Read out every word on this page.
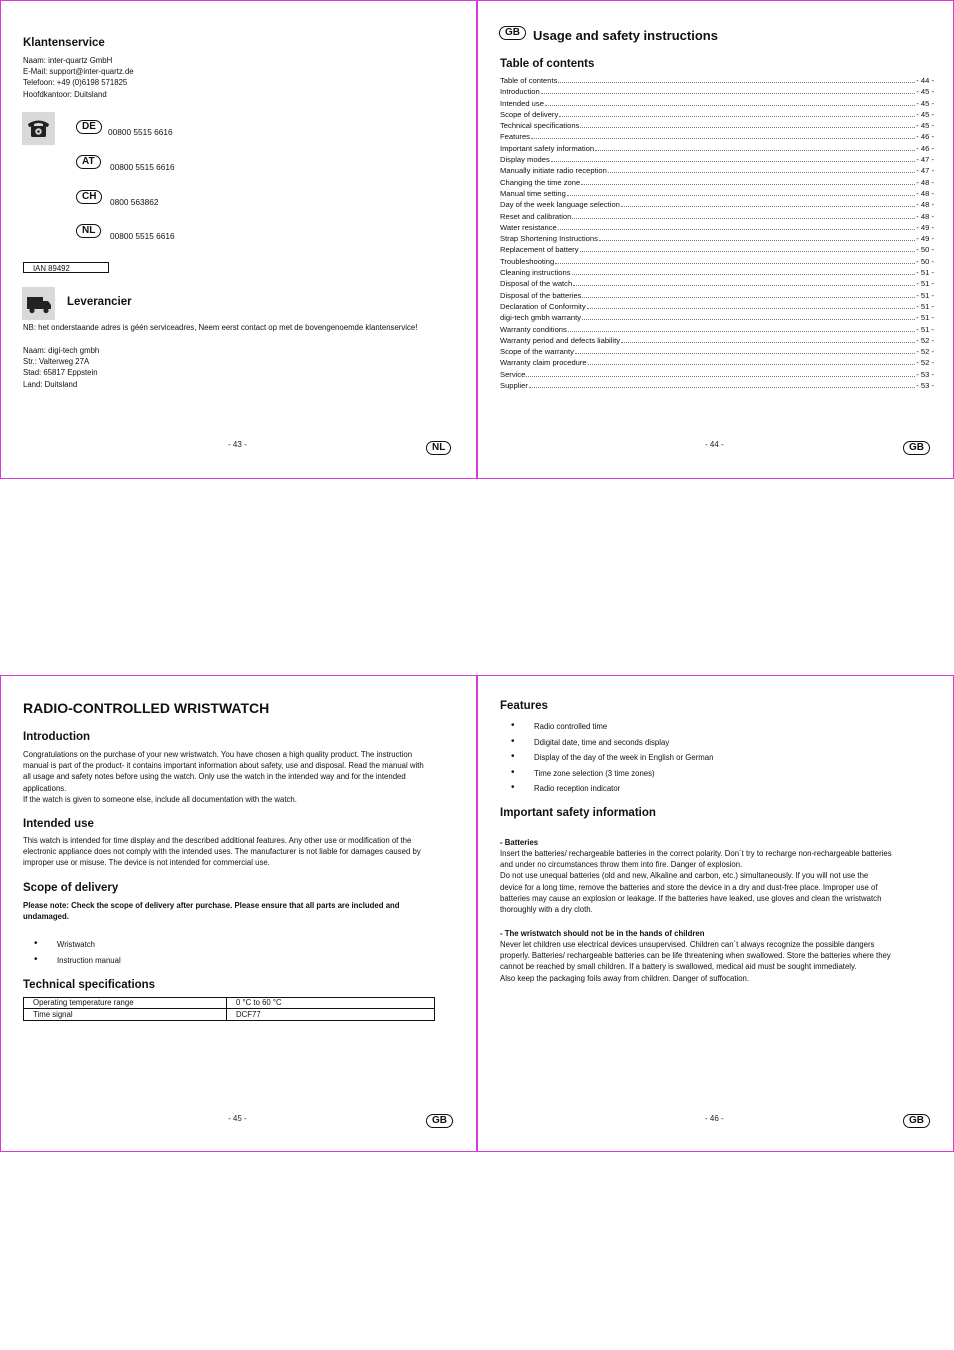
Klantenservice
Naam: inter-quartz GmbH
E-Mail: support@inter-quartz.de
Telefoon: +49 (0)6198 571825
Hoofdkantoor: Duitsland
DE	00800 5515 6616
AT	00800 5515 6616
CH	0800 563862
NL	00800 5515 6616
IAN 89492
Leverancier
NB: het onderstaande adres is géén serviceadres, Neem eerst contact op met de bovengenoemde klantenservice!
Naam: digi-tech gmbh
Str.: Valterweg 27A
Stad: 65817 Eppstein
Land: Duitsland
- 43 -	NL
GB	Usage and safety instructions
Table of contents
Table of contents	- 44 -
Introduction	- 45 -
Intended use	- 45 -
Scope of delivery	- 45 -
Technical specifications	- 45 -
Features	- 46 -
Important safety information	- 46 -
Display modes	- 47 -
Manually initiate radio reception	- 47 -
Changing the time zone	- 48 -
Manual time setting	- 48 -
Day of the week language selection	- 48 -
Reset and calibration	- 48 -
Water resistance	- 49 -
Strap Shortening Instructions	- 49 -
Replacement of battery	- 50 -
Troubleshooting	- 50 -
Cleaning instructions	- 51 -
Disposal of the watch	- 51 -
Disposal of the batteries	- 51 -
Declaration of Conformity	- 51 -
digi-tech gmbh warranty	- 51 -
Warranty conditions	- 51 -
Warranty period and defects liability	- 52 -
Scope of the warranty	- 52 -
Warranty claim procedure	- 52 -
Service	- 53 -
Supplier	- 53 -
- 44 -	GB
RADIO-CONTROLLED WRISTWATCH
Introduction
Congratulations on the purchase of your new wristwatch. You have chosen a high quality product. The instruction
manual is part of the product- it contains important information about safety, use and disposal. Read the manual with
all usage and safety notes before using the watch. Only use the watch in the intended way and for the intended
applications.
If the watch is given to someone else, include all documentation with the watch.
Intended use
This watch is intended for time display and the described additional features. Any other use or modification of the
electronic appliance does not comply with the intended uses. The manufacturer is not liable for damages caused by
improper use or misuse. The device is not intended for commercial use.
Scope of delivery
Please note: Check the scope of delivery after purchase. Please ensure that all parts are included and
undamaged.
• Wristwatch
• Instruction manual
Technical specifications
Operating temperature range	0 °C to 60 °C
Time signal	DCF77
- 45 -	GB
Features
• Radio controlled time
• Ddigital date, time and seconds display
• Display of the day of the week in English or German
• Time zone selection (3 time zones)
• Radio reception indicator
Important safety information
- Batteries
Insert the batteries/ rechargeable batteries in the correct polarity. Don´t try to recharge non-rechargeable batteries
and under no circumstances throw them into fire. Danger of explosion.
Do not use unequal batteries (old and new, Alkaline and carbon, etc.) simultaneously. If you will not use the
device for a long time, remove the batteries and store the device in a dry and dust-free place. Improper use of
batteries may cause an explosion or leakage. If the batteries have leaked, use gloves and clean the wristwatch
thoroughly with a dry cloth.
- The wristwatch should not be in the hands of children
Never let children use electrical devices unsupervised. Children can´t always recognize the possible dangers
properly. Batteries/ rechargeable batteries can be life threatening when swallowed. Store the batteries where they
cannot be reached by small children. If a battery is swallowed, medical aid must be sought immediately.
Also keep the packaging foils away from children. Danger of suffocation.
- 46 -	GB
